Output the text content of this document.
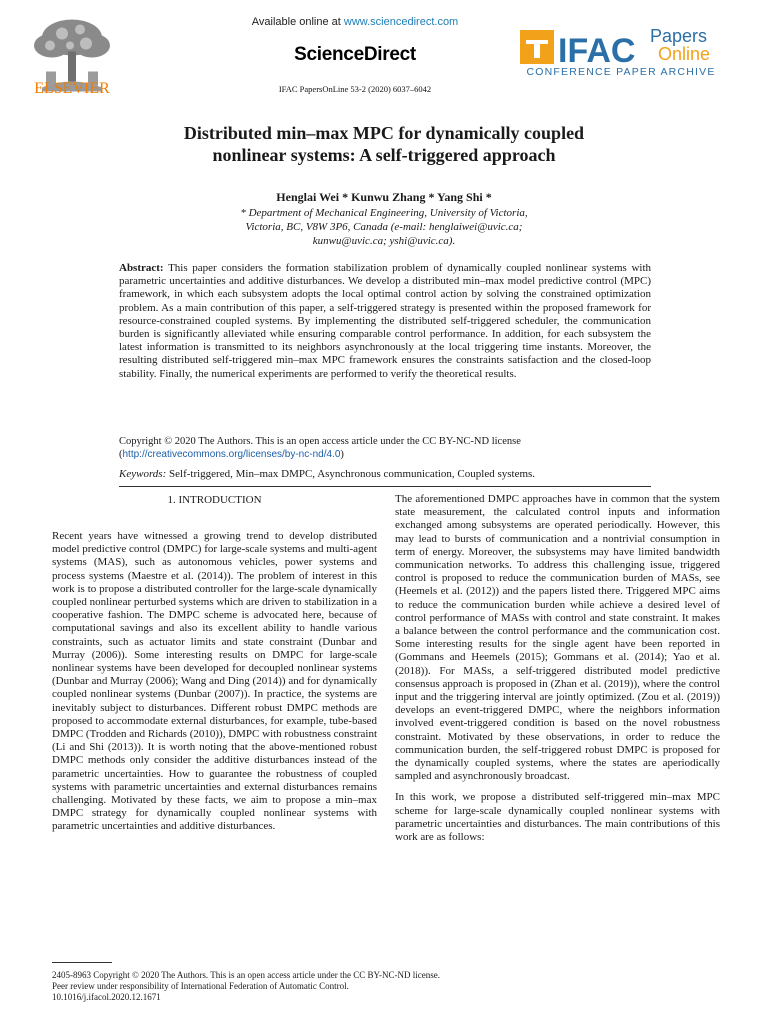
ELSEVIER
Available online at www.sciencedirect.com
ScienceDirect
IFAC PapersOnLine 53-2 (2020) 6037–6042
IFAC Papers
Online
CONFERENCE PAPER ARCHIVE
Distributed min–max MPC for dynamically coupled nonlinear systems: A self-triggered approach
Henglai Wei * Kunwu Zhang * Yang Shi *
* Department of Mechanical Engineering, University of Victoria,
Victoria, BC, V8W 3P6, Canada (e-mail: henglaiwei@uvic.ca;
kunwu@uvic.ca; yshi@uvic.ca).
Abstract: This paper considers the formation stabilization problem of dynamically coupled nonlinear systems with parametric uncertainties and additive disturbances. We develop a distributed min–max model predictive control (MPC) framework, in which each subsystem adopts the local optimal control action by solving the constrained optimization problem. As a main contribution of this paper, a self-triggered strategy is presented within the proposed framework for resource-constrained coupled systems. By implementing the distributed self-triggered scheduler, the communication burden is significantly alleviated while ensuring comparable control performance. In addition, for each subsystem the latest information is transmitted to its neighbors asynchronously at the local triggering time instants. Moreover, the resulting distributed self-triggered min–max MPC framework ensures the constraints satisfaction and the closed-loop stability. Finally, the numerical experiments are performed to verify the theoretical results.
Copyright © 2020 The Authors. This is an open access article under the CC BY-NC-ND license
(http://creativecommons.org/licenses/by-nc-nd/4.0)
Keywords: Self-triggered, Min–max DMPC, Asynchronous communication, Coupled systems.
1. INTRODUCTION

Recent years have witnessed a growing trend to develop distributed model predictive control (DMPC) for large-scale systems and multi-agent systems (MAS), such as autonomous vehicles, power systems and process systems (Maestre et al. (2014)). The problem of interest in this work is to propose a distributed controller for the large-scale dynamically coupled nonlinear perturbed systems which are driven to stabilization in a cooperative fashion. The DMPC scheme is advocated here, because of computational savings and also its excellent ability to handle various constraints, such as actuator limits and state constraint (Dunbar and Murray (2006)). Some interesting results on DMPC for large-scale nonlinear systems have been developed for decoupled nonlinear systems (Dunbar and Murray (2006); Wang and Ding (2014)) and for dynamically coupled nonlinear systems (Dunbar (2007)). In practice, the systems are inevitably subject to disturbances. Different robust DMPC methods are proposed to accommodate external disturbances, for example, tube-based DMPC (Trodden and Richards (2010)), DMPC with robustness constraint (Li and Shi (2013)). It is worth noting that the above-mentioned robust DMPC methods only consider the additive disturbances instead of the parametric uncertainties. How to guarantee the robustness of coupled systems with parametric uncertainties and external disturbances remains challenging. Motivated by these facts, we aim to propose a min–max DMPC strategy for dynamically coupled nonlinear systems with parametric uncertainties and additive disturbances.

The aforementioned DMPC approaches have in common that the system state measurement, the calculated control inputs and information exchanged among subsystems are operated periodically. However, this may lead to bursts of communication and a nontrivial consumption in term of energy. Moreover, the subsystems may have limited bandwidth communication networks. To address this challenging issue, triggered control is proposed to reduce the communication burden of MASs, see (Heemels et al. (2012)) and the papers listed there. Triggered MPC aims to reduce the communication burden while achieve a desired level of control performance of MASs with control and state constraint. It makes a balance between the control performance and the communication cost. Some interesting results for the single agent have been reported in (Gommans and Heemels (2015); Gommans et al. (2014); Yao et al. (2018)). For MASs, a self-triggered distributed model predictive consensus approach is proposed in (Zhan et al. (2019)), where the control input and the triggering interval are jointly optimized. (Zou et al. (2019)) develops an event-triggered DMPC, where the neighbors information involved event-triggered condition is based on the novel robustness constraint. Motivated by these observations, in order to reduce the communication burden, the self-triggered robust DMPC is proposed for the dynamically coupled systems, where the states are aperiodically sampled and asynchronously broadcast.

In this work, we propose a distributed self-triggered min–max MPC scheme for large-scale dynamically coupled nonlinear systems with parametric uncertainties and disturbances. The main contributions of this work are as follows:

2405-8963 Copyright © 2020 The Authors. This is an open access article under the CC BY-NC-ND license.
Peer review under responsibility of International Federation of Automatic Control.
10.1016/j.ifacol.2020.12.1671
